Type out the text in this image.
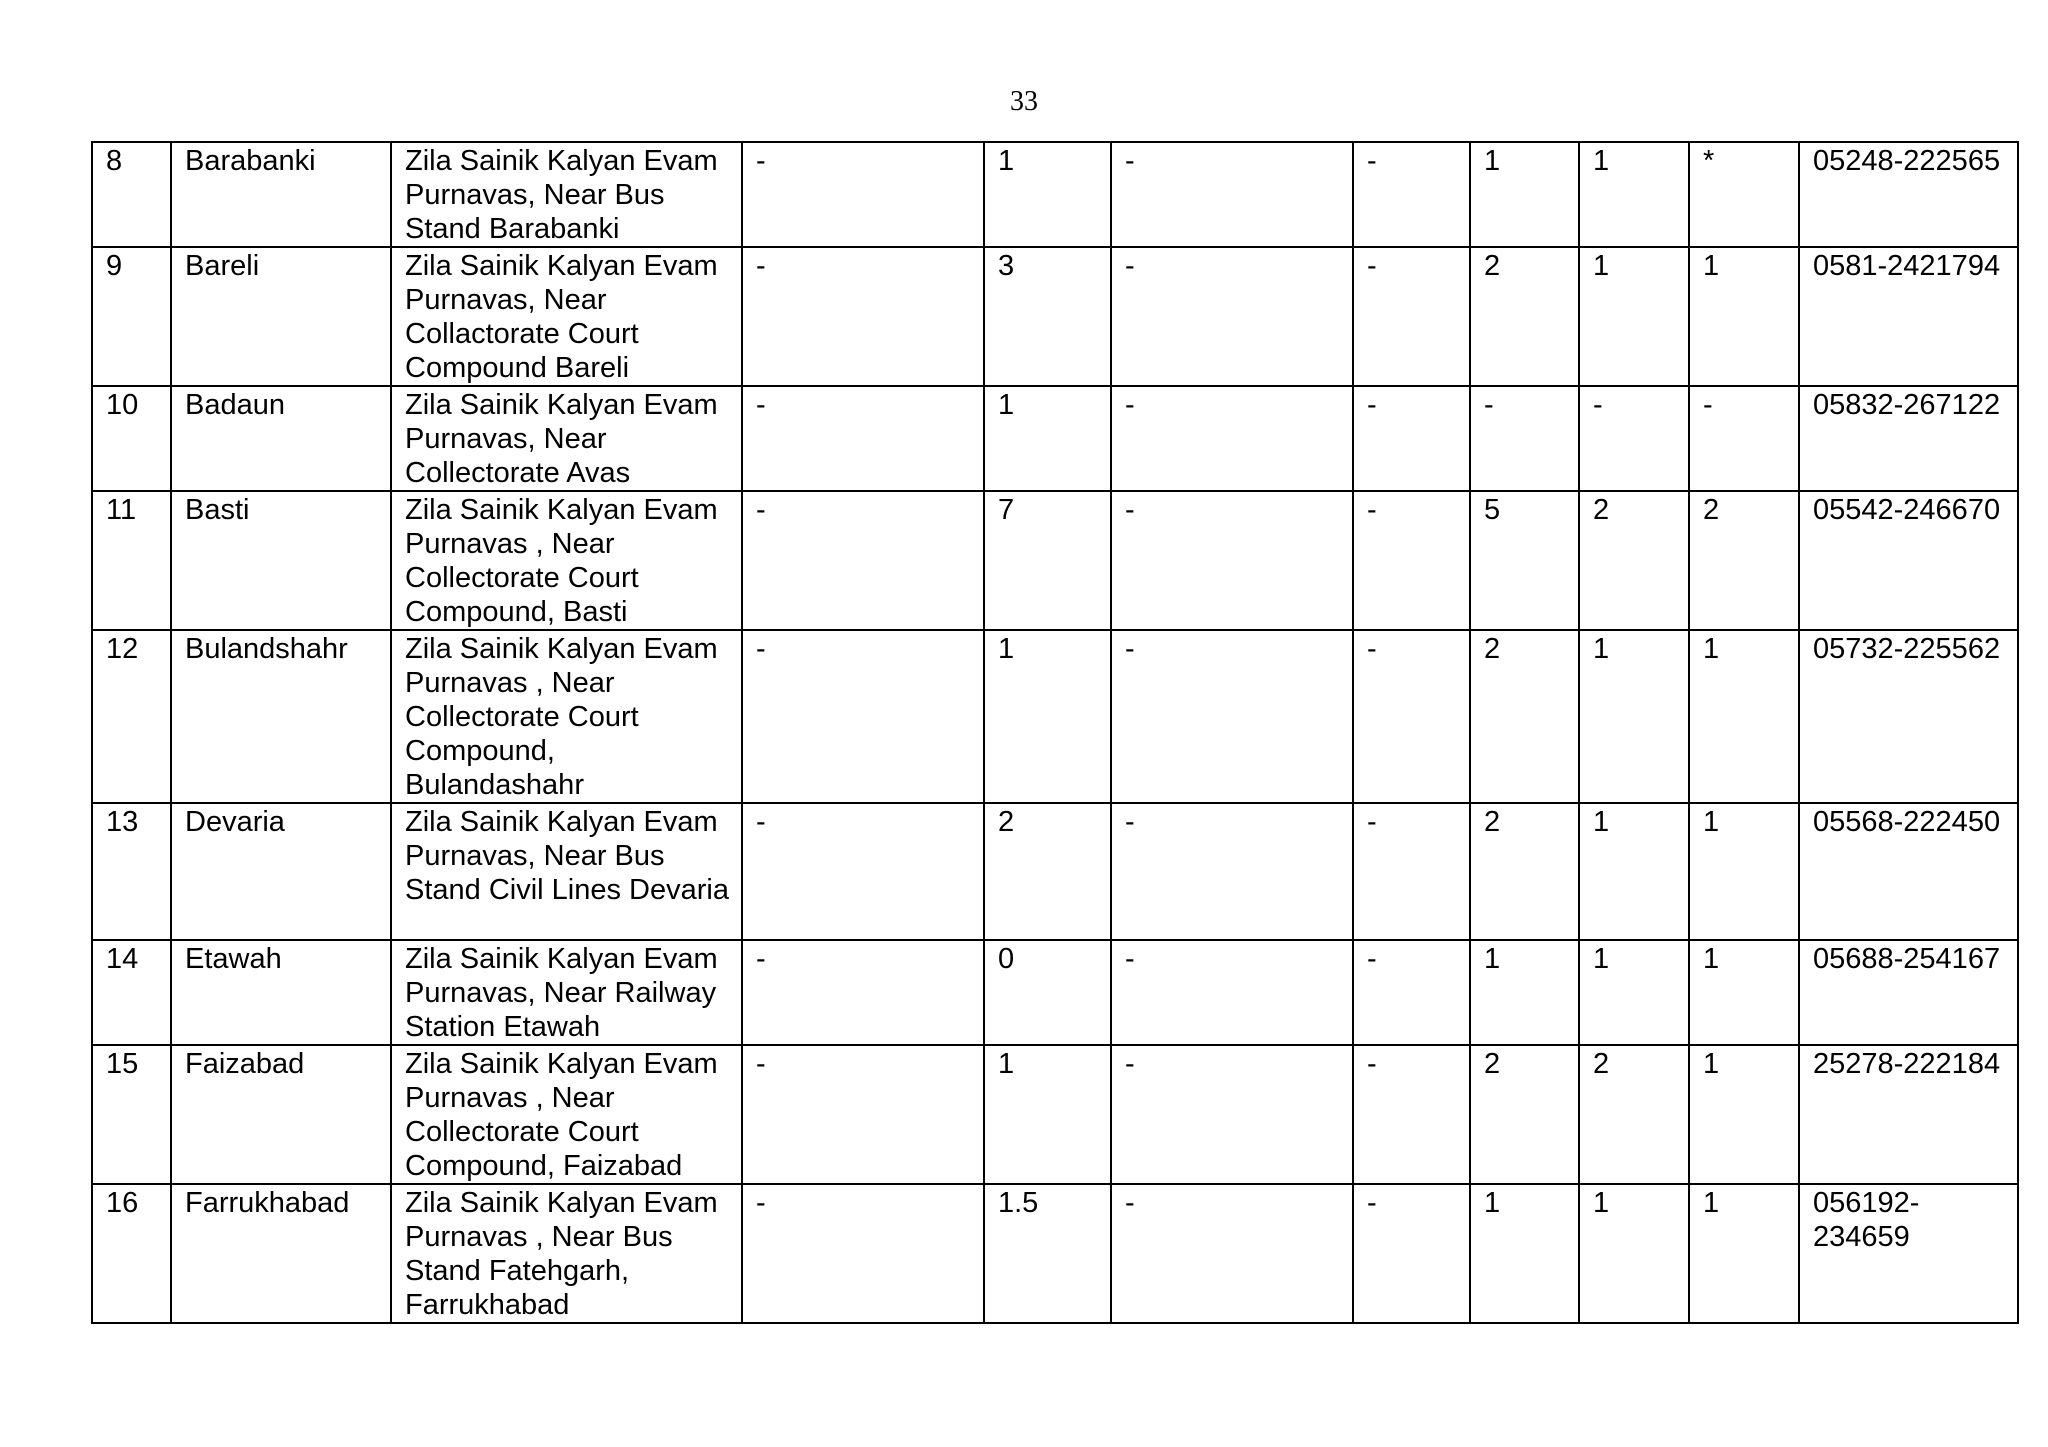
33
8	Barabanki	Zila Sainik Kalyan Evam Purnavas, Near Bus Stand Barabanki	-	1	-	-	1	1	*	05248-222565
9	Bareli	Zila Sainik Kalyan Evam Purnavas, Near Collactorate Court Compound Bareli	-	3	-	-	2	1	1	0581-2421794
10	Badaun	Zila Sainik Kalyan Evam Purnavas, Near Collectorate Avas	-	1	-	-	-	-	-	05832-267122
11	Basti	Zila Sainik Kalyan Evam Purnavas , Near Collectorate Court Compound, Basti	-	7	-	-	5	2	2	05542-246670
12	Bulandshahr	Zila Sainik Kalyan Evam Purnavas , Near Collectorate Court Compound, Bulandashahr	-	1	-	-	2	1	1	05732-225562
13	Devaria	Zila Sainik Kalyan Evam Purnavas, Near Bus Stand Civil Lines Devaria	-	2	-	-	2	1	1	05568-222450
14	Etawah	Zila Sainik Kalyan Evam Purnavas, Near Railway Station Etawah	-	0	-	-	1	1	1	05688-254167
15	Faizabad	Zila Sainik Kalyan Evam Purnavas , Near Collectorate Court Compound, Faizabad	-	1	-	-	2	2	1	25278-222184
16	Farrukhabad	Zila Sainik Kalyan Evam Purnavas , Near Bus Stand Fatehgarh, Farrukhabad	-	1.5	-	-	1	1	1	056192-234659
